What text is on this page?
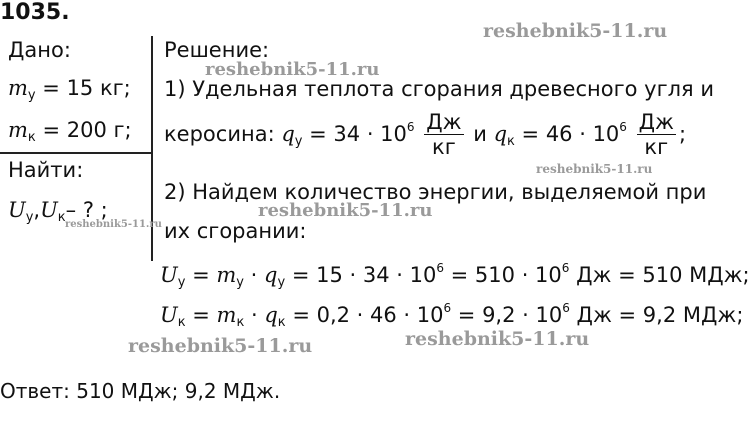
1035.
Дано:
$m_у = 15$ кг;
$m_к = 200$ г;
Найти:
$U_у,U_к-$ ? ;
Решение:
1) Удельная теплота сгорания древесного угля и
керосина: $q_у = 34 \cdot 10^6 \frac{Дж}{кг}$ и $q_к = 46 \cdot 10^6 \frac{Дж}{кг}$ ;
2) Найдем количество энергии, выделяемой при
их сгорании:
$U_у = m_у \cdot q_у = 15 \cdot 34 \cdot 10^6 = 510 \cdot 10^6$ Дж = 510 МДж;
$U_к = m_к \cdot q_к = 0,2 \cdot 46 \cdot 10^6 = 9,2 \cdot 10^6$ Дж = 9,2 МДж;
Ответ: 510 МДж; 9,2 МДж.
reshebnik5-11.ru
reshebnik5-11.ru
reshebnik5-11.ru
reshebnik5-11.ru
reshebnik5-11.ru
reshebnik5-11.ru	reshebnik5-11.ru
